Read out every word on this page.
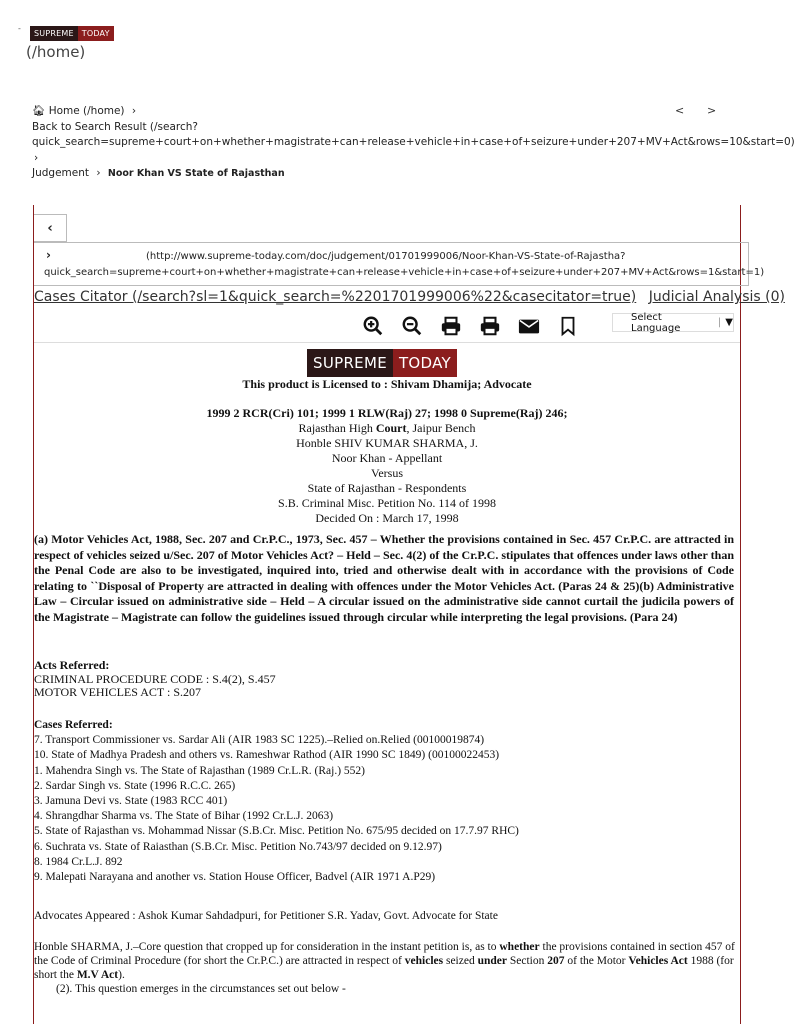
-
SUPREME	TODAY
(/home)
🏠︎ Home (/home) ›
Back to Search Result (/search?
quick_search=supreme+court+on+whether+magistrate+can+release+vehicle+in+case+of+seizure+under+207+MV+Act&rows=10&start=0)
›
Judgement › Noor Khan VS State of Rajasthan
< >
‹
›	(http://www.supreme-today.com/doc/judgement/01701999006/Noor-Khan-VS-State-of-Rajastha?
quick_search=supreme+court+on+whether+magistrate+can+release+vehicle+in+case+of+seizure+under+207+MV+Act&rows=1&start=1)
Cases Citator (/search?sl=1&quick_search=%2201701999006%22&casecitator=true) Judicial Analysis (0)
Select Language	| ▼
SUPREME TODAY
This product is Licensed to : Shivam Dhamija; Advocate
1999 2 RCR(Cri) 101; 1999 1 RLW(Raj) 27; 1998 0 Supreme(Raj) 246;
Rajasthan High Court, Jaipur Bench
Honble SHIV KUMAR SHARMA, J.
Noor Khan - Appellant
Versus
State of Rajasthan - Respondents
S.B. Criminal Misc. Petition No. 114 of 1998
Decided On : March 17, 1998
(a) Motor Vehicles Act, 1988, Sec. 207 and Cr.P.C., 1973, Sec. 457 – Whether the provisions contained in Sec. 457 Cr.P.C. are attracted in respect of vehicles seized u/Sec. 207 of Motor Vehicles Act? – Held – Sec. 4(2) of the Cr.P.C. stipulates that offences under laws other than the Penal Code are also to be investigated, inquired into, tried and otherwise dealt with in accordance with the provisions of Code relating to ``Disposal of Property are attracted in dealing with offences under the Motor Vehicles Act. (Paras 24 & 25)(b) Administrative Law – Circular issued on administrative side – Held – A circular issued on the administrative side cannot curtail the judicila powers of the Magistrate – Magistrate can follow the guidelines issued through circular while interpreting the legal provisions. (Para 24)
Acts Referred:
CRIMINAL PROCEDURE CODE : S.4(2), S.457
MOTOR VEHICLES ACT : S.207
Cases Referred:
7. Transport Commissioner vs. Sardar Ali (AIR 1983 SC 1225).–Relied on.Relied (00100019874)
10. State of Madhya Pradesh and others vs. Rameshwar Rathod (AIR 1990 SC 1849) (00100022453)
1. Mahendra Singh vs. The State of Rajasthan (1989 Cr.L.R. (Raj.) 552)
2. Sardar Singh vs. State (1996 R.C.C. 265)
3. Jamuna Devi vs. State (1983 RCC 401)
4. Shrangdhar Sharma vs. The State of Bihar (1992 Cr.L.J. 2063)
5. State of Rajasthan vs. Mohammad Nissar (S.B.Cr. Misc. Petition No. 675/95 decided on 17.7.97 RHC)
6. Suchrata vs. State of Raiasthan (S.B.Cr. Misc. Petition No.743/97 decided on 9.12.97)
8. 1984 Cr.L.J. 892
9. Malepati Narayana and another vs. Station House Officer, Badvel (AIR 1971 A.P29)
Advocates Appeared : Ashok Kumar Sahdadpuri, for Petitioner S.R. Yadav, Govt. Advocate for State

Honble SHARMA, J.–Core question that cropped up for consideration in the instant petition is, as to whether the provisions contained in section 457 of the Code of Criminal Procedure (for short the Cr.P.C.) are attracted in respect of vehicles seized under Section 207 of the Motor Vehicles Act 1988 (for short the M.V Act).

(2). This question emerges in the circumstances set out below -
